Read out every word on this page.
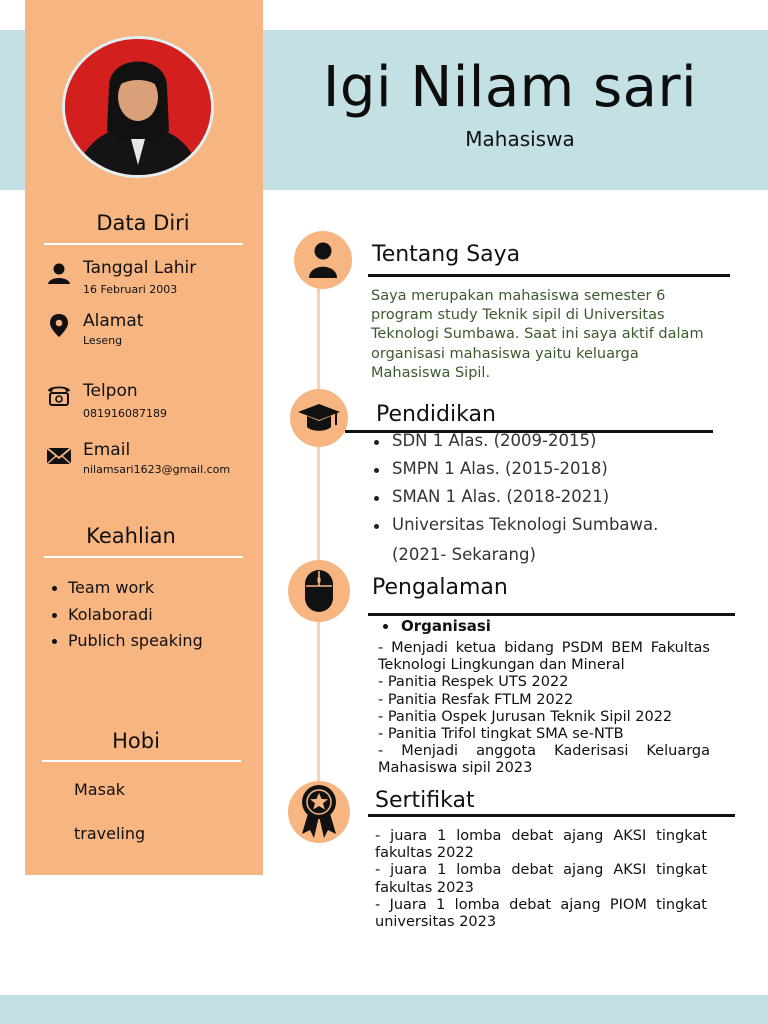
Igi Nilam sari
Mahasiswa
Data Diri
Tanggal Lahir
16 Februari 2003
Alamat
Leseng
Telpon
081916087189
Email
nilamsari1623@gmail.com
Keahlian
Team work
Kolaboradi
Publich speaking
Hobi
Masak
traveling
Tentang Saya
Saya merupakan mahasiswa semester 6
program study Teknik sipil di Universitas
Teknologi Sumbawa. Saat ini saya aktif dalam
organisasi mahasiswa yaitu keluarga
Mahasiswa Sipil.
Pendidikan
SDN 1 Alas. (2009-2015)
SMPN 1 Alas. (2015-2018)
SMAN 1 Alas. (2018-2021)
Universitas Teknologi Sumbawa.
(2021- Sekarang)
Pengalaman
Organisasi
- Menjadi ketua bidang PSDM BEM Fakultas Teknologi Lingkungan dan Mineral
- Panitia Respek UTS 2022
- Panitia Resfak FTLM 2022
- Panitia Ospek Jurusan Teknik Sipil 2022
- Panitia Trifol tingkat SMA se-NTB
- Menjadi anggota Kaderisasi Keluarga Mahasiswa sipil 2023
Sertifikat
- juara 1 lomba debat ajang AKSI tingkat fakultas 2022
- juara 1 lomba debat ajang AKSI tingkat fakultas 2023
- Juara 1 lomba debat ajang PIOM tingkat universitas 2023
